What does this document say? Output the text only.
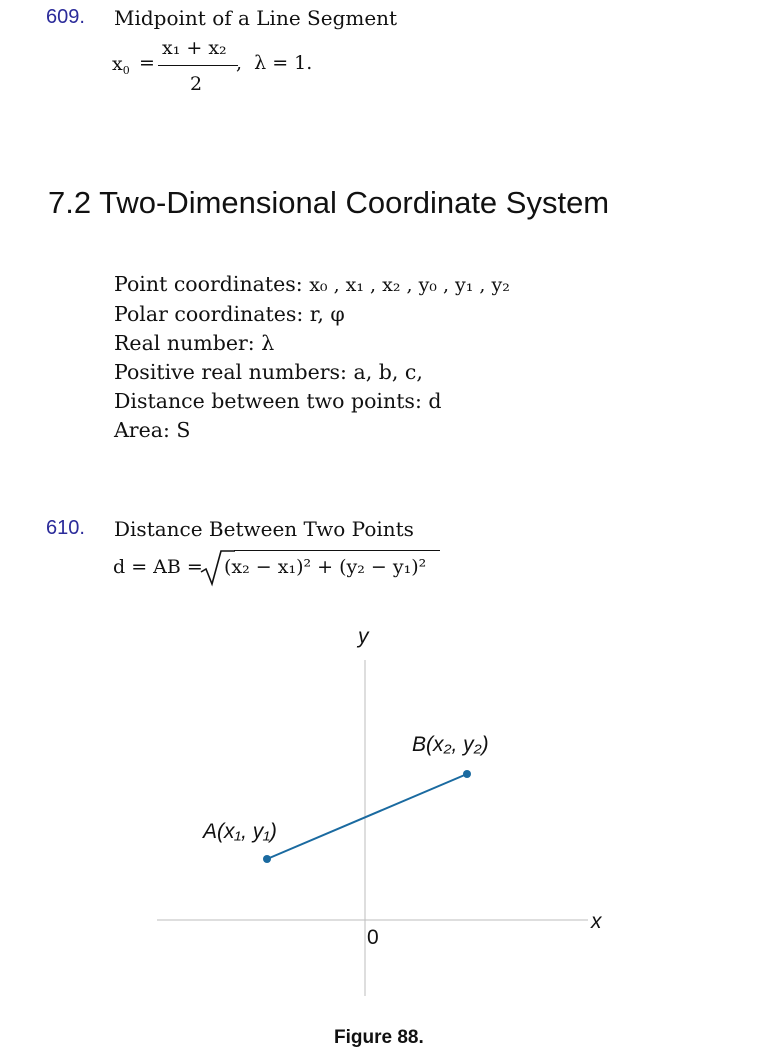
609. Midpoint of a Line Segment
$x_0$ =
x₁ + x₂
2
,  λ = 1.
7.2 Two-Dimensional Coordinate System
Point coordinates: x₀ , x₁ , x₂ , y₀ , y₁ , y₂
Polar coordinates: r, φ
Real number: λ
Positive real numbers: a, b, c,
Distance between two points: d
Area: S
610. Distance Between Two Points
d = AB = (x₂ − x₁)² + (y₂ − y₁)²
y
x
0
A(x₁, y₁)
B(x₂, y₂)
Figure 88.
